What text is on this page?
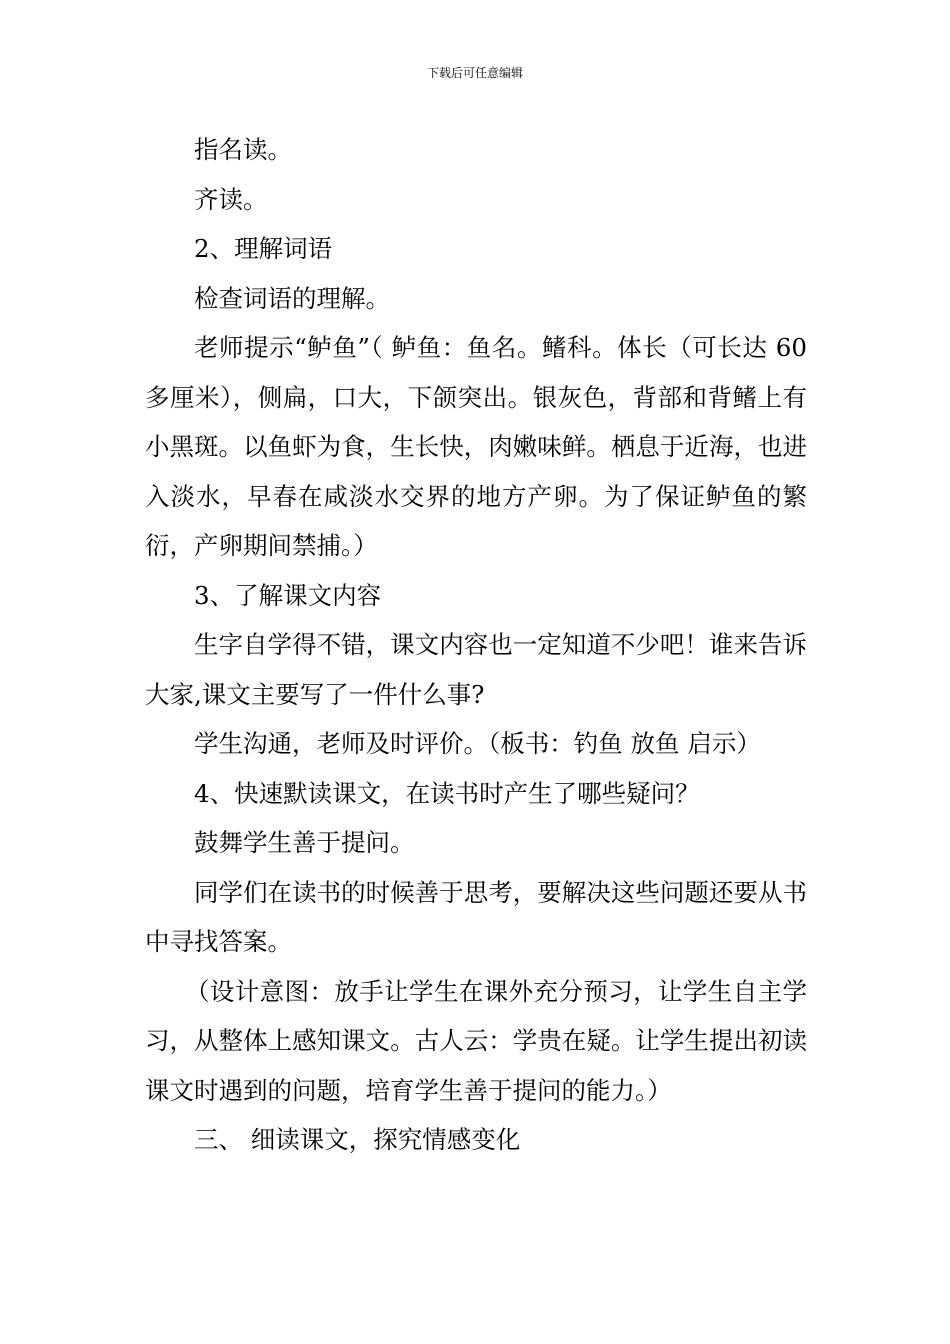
下载后可任意编辑

指名读。

齐读。

2、理解词语

检查词语的理解。

老师提示“鲈鱼”（ 鲈鱼：鱼名。鳍科。体长（可长达 60 多厘米），侧扁，口大，下颌突出。银灰色，背部和背鳍上有小黑斑。以鱼虾为食，生长快，肉嫩味鲜。栖息于近海，也进入淡水，早春在咸淡水交界的地方产卵。为了保证鲈鱼的繁衍，产卵期间禁捕。）

3、了解课文内容

生字自学得不错，课文内容也一定知道不少吧！谁来告诉大家,课文主要写了一件什么事?

学生沟通，老师及时评价。（板书：钓鱼 放鱼 启示）

4、快速默读课文，在读书时产生了哪些疑问？

鼓舞学生善于提问。

同学们在读书的时候善于思考，要解决这些问题还要从书中寻找答案。

（设计意图：放手让学生在课外充分预习，让学生自主学习，从整体上感知课文。古人云：学贵在疑。让学生提出初读课文时遇到的问题，培育学生善于提问的能力。）

三、 细读课文，探究情感变化
